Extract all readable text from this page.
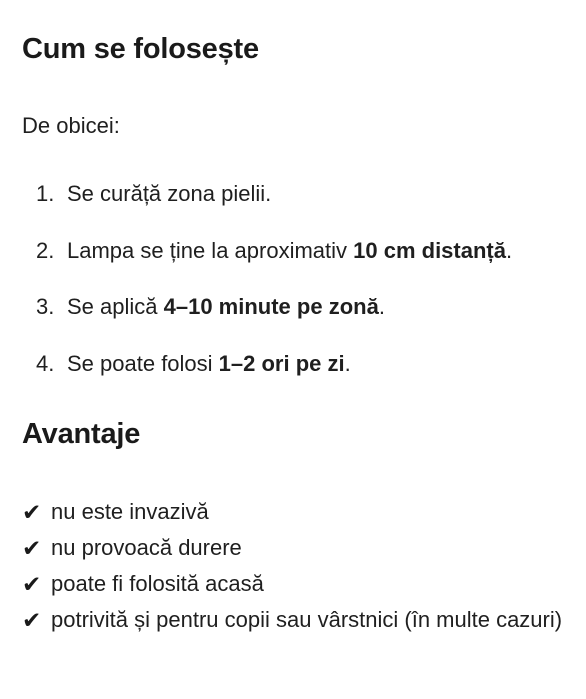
Cum se folosește

De obicei:

1. Se curăță zona pielii.
2. Lampa se ține la aproximativ 10 cm distanță.
3. Se aplică 4–10 minute pe zonă.
4. Se poate folosi 1–2 ori pe zi.
Avantaje
✔ nu este invazivă
✔ nu provoacă durere
✔ poate fi folosită acasă
✔ potrivită și pentru copii sau vârstnici (în multe cazuri)
